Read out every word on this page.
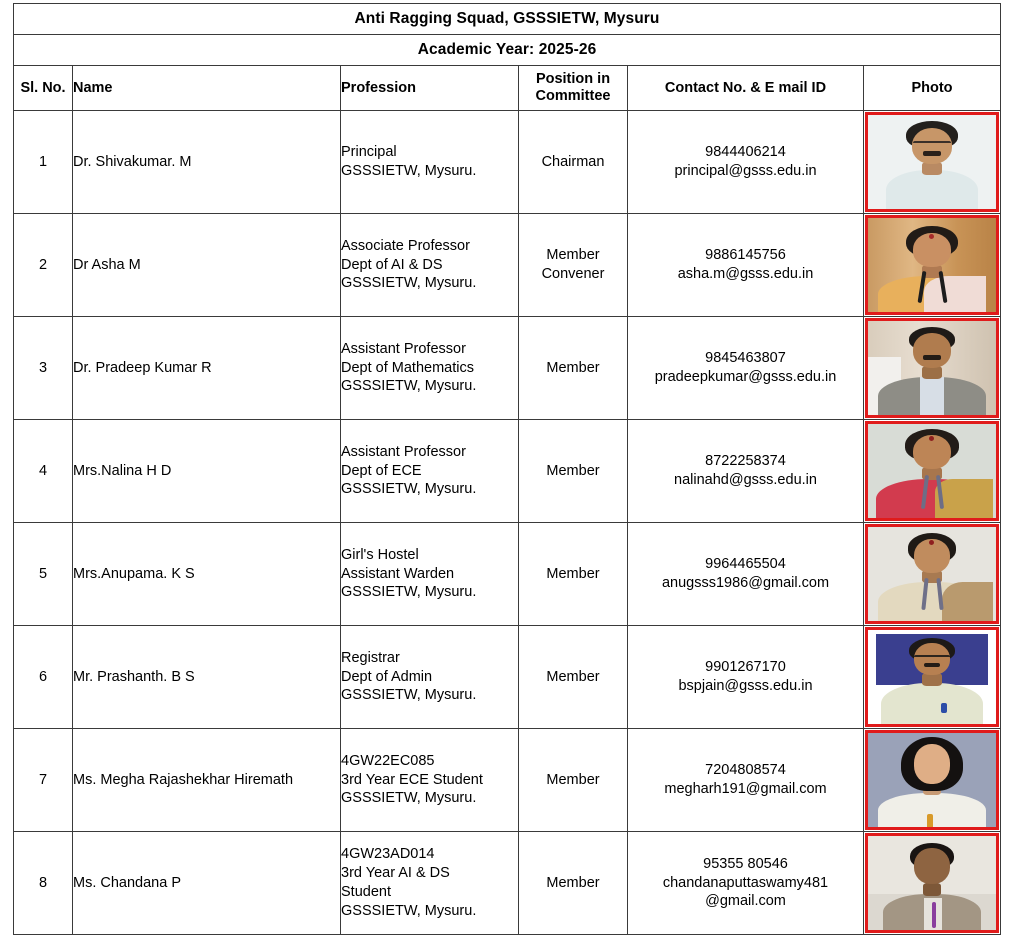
Anti Ragging Squad, GSSSIETW, Mysuru					
Academic Year: 2025-26					
Sl. No.	Name	Profession	Position in
Committee	Contact No. & E mail ID	Photo
1	Dr. Shivakumar. M	Principal
GSSSIETW, Mysuru.	Chairman	9844406214
principal@gsss.edu.in	

2	Dr Asha M	Associate Professor
Dept of AI & DS
GSSSIETW, Mysuru.	Member
Convener	9886145756
asha.m@gsss.edu.in	

3	Dr. Pradeep Kumar R	Assistant Professor
Dept of Mathematics
GSSSIETW, Mysuru.	Member	9845463807
pradeepkumar@gsss.edu.in	

4	Mrs.Nalina H D	Assistant Professor
Dept of ECE
GSSSIETW, Mysuru.	Member	8722258374
nalinahd@gsss.edu.in	

5	Mrs.Anupama. K S	Girl's Hostel
Assistant Warden
GSSSIETW, Mysuru.	Member	9964465504
anugsss1986@gmail.com	

6	Mr. Prashanth. B S	Registrar
Dept of Admin
GSSSIETW, Mysuru.	Member	9901267170
bspjain@gsss.edu.in	

7	Ms. Megha Rajashekhar Hiremath	4GW22EC085
3rd Year ECE Student
GSSSIETW, Mysuru.	Member	7204808574
megharh191@gmail.com	

8	Ms. Chandana P	4GW23AD014
3rd Year AI & DS
Student
GSSSIETW, Mysuru.	Member	95355 80546
chandanaputtaswamy481
@gmail.com	
